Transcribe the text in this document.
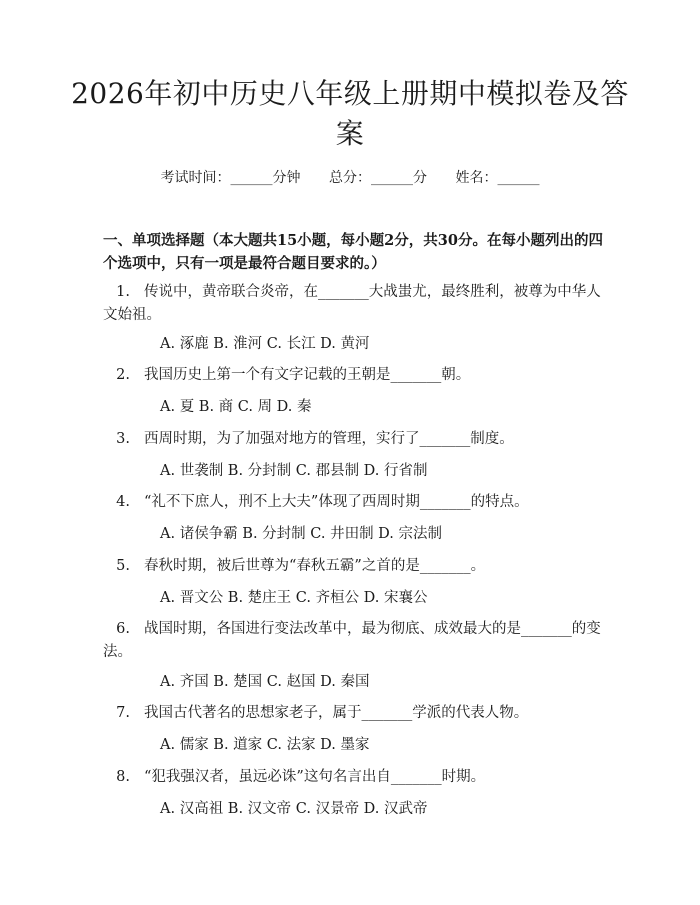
2026年初中历史八年级上册期中模拟卷及答
案
考试时间：______分钟 总分：______分 姓名：______

一、单项选择题（本大题共15小题，每小题2分，共30分。在每小题列出的四个选项中，只有一项是最符合题目要求的。）

1. 传说中，黄帝联合炎帝，在_______大战蚩尤，最终胜利，被尊为中华人
文始祖。
A. 涿鹿 B. 淮河 C. 长江 D. 黄河
2. 我国历史上第一个有文字记载的王朝是_______朝。
A. 夏 B. 商 C. 周 D. 秦
3. 西周时期，为了加强对地方的管理，实行了_______制度。
A. 世袭制 B. 分封制 C. 郡县制 D. 行省制
4. “礼不下庶人，刑不上大夫”体现了西周时期_______的特点。
A. 诸侯争霸 B. 分封制 C. 井田制 D. 宗法制
5. 春秋时期，被后世尊为“春秋五霸”之首的是_______。
A. 晋文公 B. 楚庄王 C. 齐桓公 D. 宋襄公
6. 战国时期，各国进行变法改革中，最为彻底、成效最大的是_______的变
法。
A. 齐国 B. 楚国 C. 赵国 D. 秦国
7. 我国古代著名的思想家老子，属于_______学派的代表人物。
A. 儒家 B. 道家 C. 法家 D. 墨家
8. “犯我强汉者，虽远必诛”这句名言出自_______时期。
A. 汉高祖 B. 汉文帝 C. 汉景帝 D. 汉武帝
